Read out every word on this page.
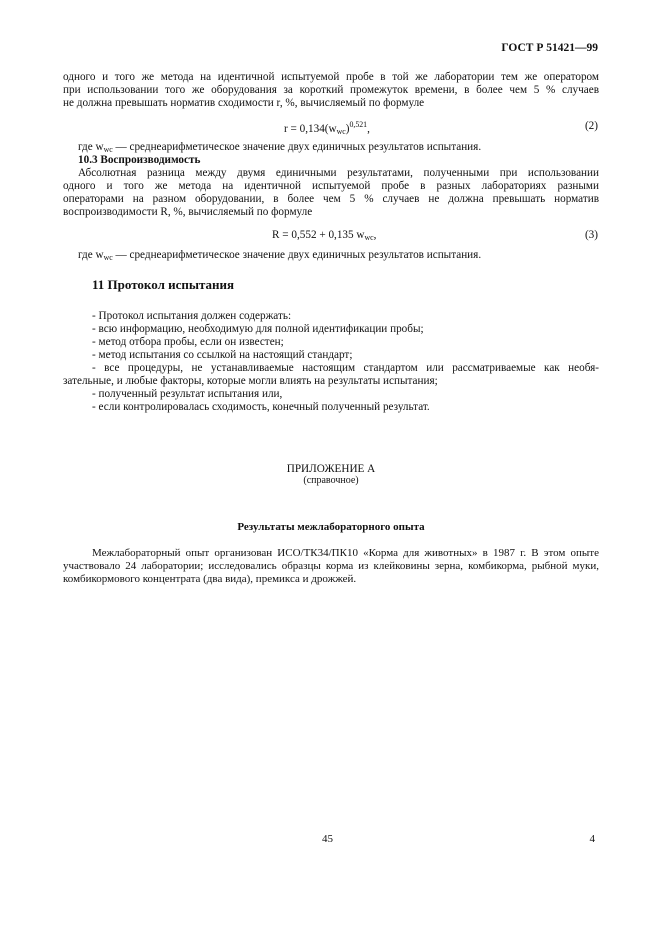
ГОСТ Р 51421—99
одного и того же метода на идентичной испытуемой пробе в той же лаборатории тем же оператором
при использовании того же оборудования за короткий промежуток времени, в более чем 5 % случаев
не должна превышать норматив сходимости r, %, вычисляемый по формуле
$r = 0,134(w_{wc})^{0,521}$,	(2)
где $w_{wc}$ — среднеарифметическое значение двух единичных результатов испытания.
10.3 Воспроизводимость
Абсолютная разница между двумя единичными результатами, полученными при использовании
одного и того же метода на идентичной испытуемой пробе в разных лабораториях разными
операторами на разном оборудовании, в более чем 5 % случаев не должна превышать норматив
воспроизводимости R, %, вычисляемый по формуле
R = 0,552 + 0,135 $w_{wc}$,	(3)
где $w_{wc}$ — среднеарифметическое значение двух единичных результатов испытания.
11 Протокол испытания
- Протокол испытания должен содержать:
- всю информацию, необходимую для полной идентификации пробы;
- метод отбора пробы, если он известен;
- метод испытания со ссылкой на настоящий стандарт;
- все процедуры, не устанавливаемые настоящим стандартом или рассматриваемые как необя-
зательные, и любые факторы, которые могли влиять на результаты испытания;
- полученный результат испытания или,
- если контролировалась сходимость, конечный полученный результат.
ПРИЛОЖЕНИЕ А
(справочное)
Результаты межлабораторного опыта
Межлабораторный опыт организован ИСО/ТК34/ПК10 «Корма для животных» в 1987 г. В этом опыте
участвовало 24 лаборатории; исследовались образцы корма из клейковины зерна, комбикорма, рыбной муки,
комбикормового концентрата (два вида), премикса и дрожжей.
45	4
